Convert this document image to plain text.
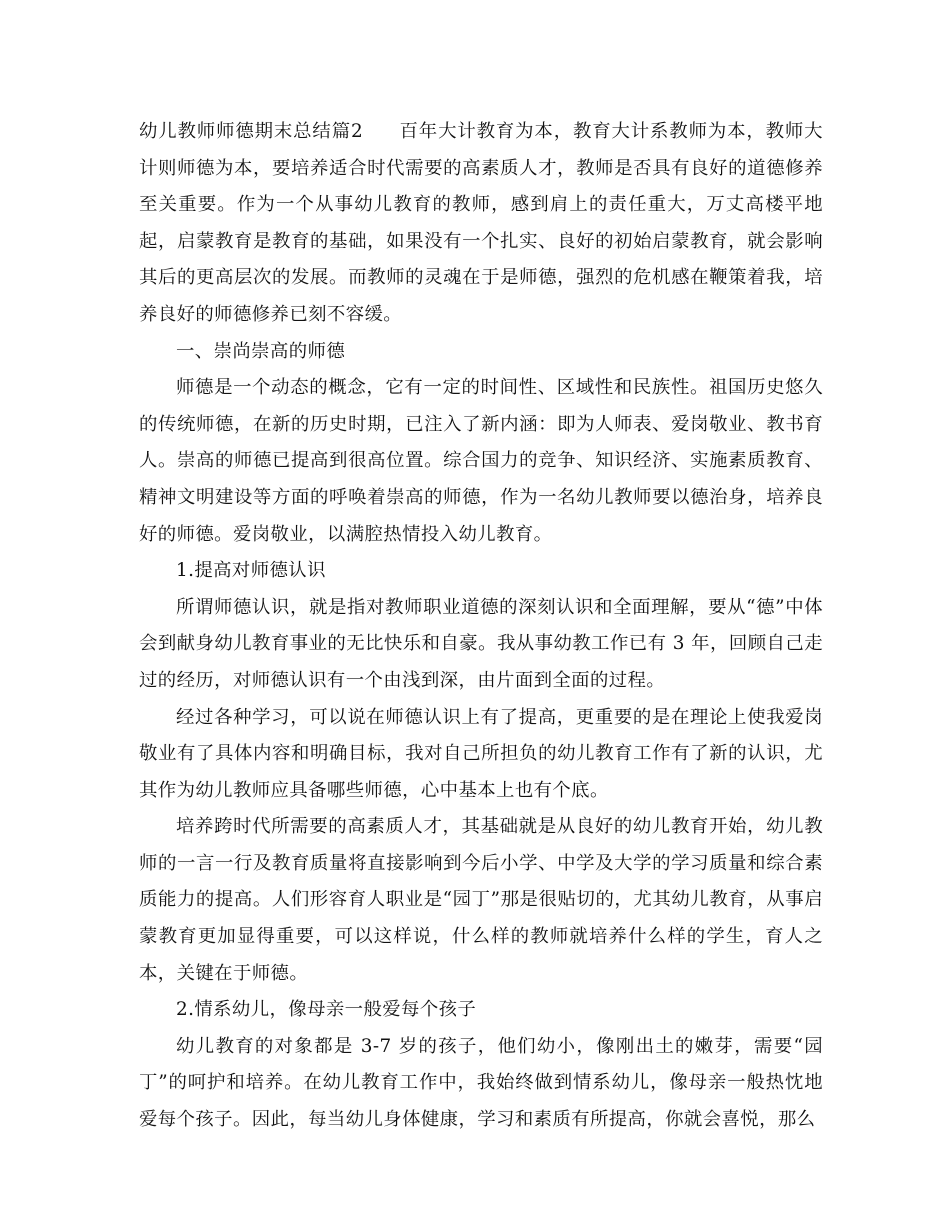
幼儿教师师德期末总结篇2 百年大计教育为本，教育大计系教师为本，教师大计则师德为本，要培养适合时代需要的高素质人才，教师是否具有良好的道德修养至关重要。作为一个从事幼儿教育的教师，感到肩上的责任重大，万丈高楼平地起，启蒙教育是教育的基础，如果没有一个扎实、良好的初始启蒙教育，就会影响其后的更高层次的发展。而教师的灵魂在于是师德，强烈的危机感在鞭策着我，培养良好的师德修养已刻不容缓。

一、崇尚崇高的师德

师德是一个动态的概念，它有一定的时间性、区域性和民族性。祖国历史悠久的传统师德，在新的历史时期，已注入了新内涵：即为人师表、爱岗敬业、教书育人。崇高的师德已提高到很高位置。综合国力的竞争、知识经济、实施素质教育、精神文明建设等方面的呼唤着崇高的师德，作为一名幼儿教师要以德治身，培养良好的师德。爱岗敬业，以满腔热情投入幼儿教育。

1.提高对师德认识

所谓师德认识，就是指对教师职业道德的深刻认识和全面理解，要从“德”中体会到献身幼儿教育事业的无比快乐和自豪。我从事幼教工作已有 3 年，回顾自己走过的经历，对师德认识有一个由浅到深，由片面到全面的过程。

经过各种学习，可以说在师德认识上有了提高，更重要的是在理论上使我爱岗敬业有了具体内容和明确目标，我对自己所担负的幼儿教育工作有了新的认识，尤其作为幼儿教师应具备哪些师德，心中基本上也有个底。

培养跨时代所需要的高素质人才，其基础就是从良好的幼儿教育开始，幼儿教师的一言一行及教育质量将直接影响到今后小学、中学及大学的学习质量和综合素质能力的提高。人们形容育人职业是“园丁”那是很贴切的，尤其幼儿教育，从事启蒙教育更加显得重要，可以这样说，什么样的教师就培养什么样的学生，育人之本，关键在于师德。

2.情系幼儿，像母亲一般爱每个孩子

幼儿教育的对象都是 3-7 岁的孩子，他们幼小，像刚出土的嫩芽，需要“园丁”的呵护和培养。在幼儿教育工作中，我始终做到情系幼儿，像母亲一般热忱地爱每个孩子。因此，每当幼儿身体健康，学习和素质有所提高，你就会喜悦，那么
